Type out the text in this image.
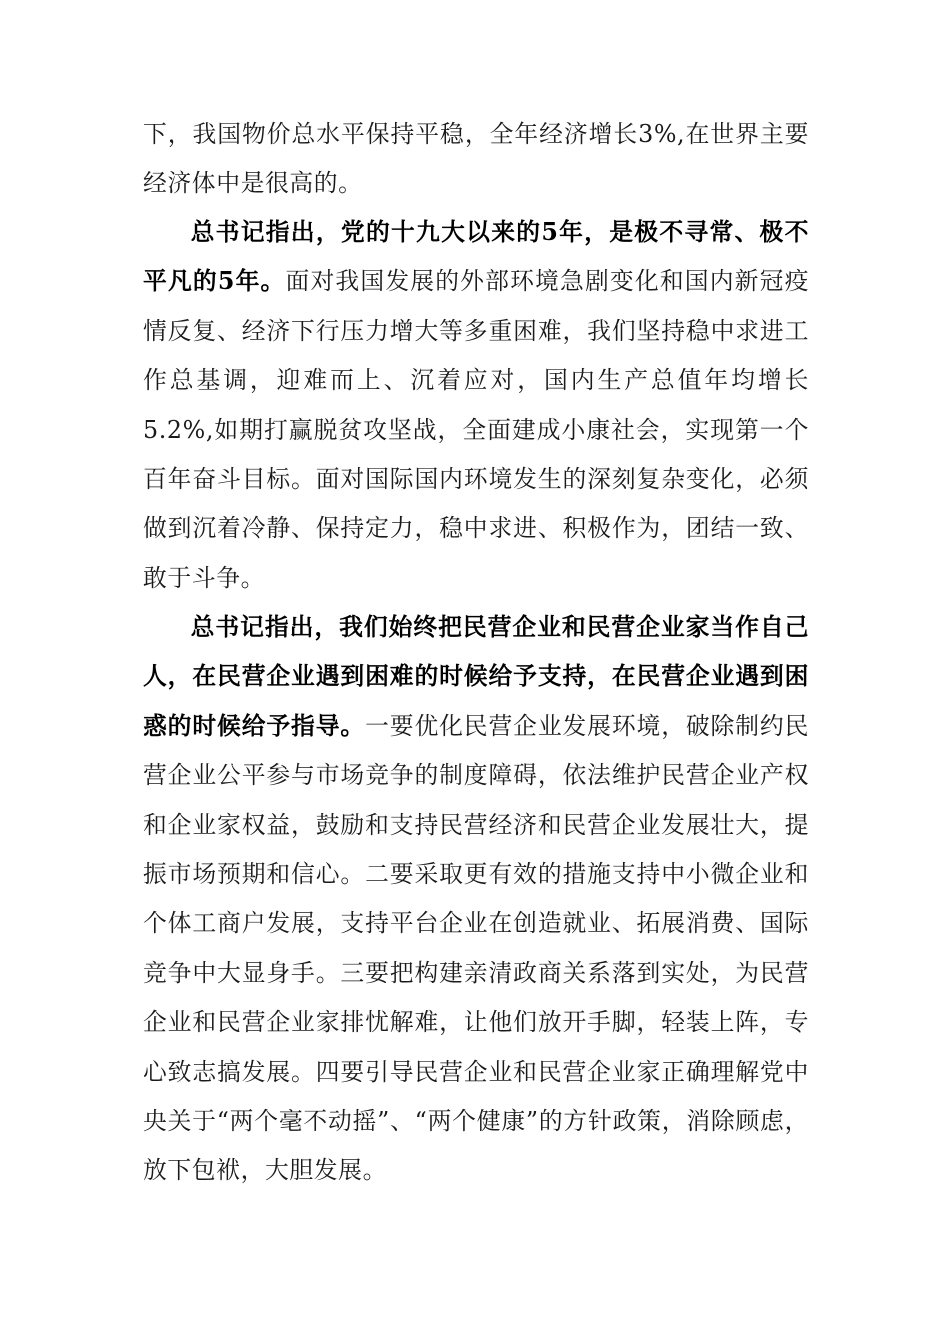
下，我国物价总水平保持平稳，全年经济增长3%,在世界主要经济体中是很高的。

总书记指出，党的十九大以来的5年，是极不寻常、极不平凡的5年。面对我国发展的外部环境急剧变化和国内新冠疫情反复、经济下行压力增大等多重困难，我们坚持稳中求进工作总基调，迎难而上、沉着应对，国内生产总值年均增长5.2%,如期打赢脱贫攻坚战，全面建成小康社会，实现第一个百年奋斗目标。面对国际国内环境发生的深刻复杂变化，必须做到沉着冷静、保持定力，稳中求进、积极作为，团结一致、敢于斗争。

总书记指出，我们始终把民营企业和民营企业家当作自己人，在民营企业遇到困难的时候给予支持，在民营企业遇到困惑的时候给予指导。一要优化民营企业发展环境，破除制约民营企业公平参与市场竞争的制度障碍，依法维护民营企业产权和企业家权益，鼓励和支持民营经济和民营企业发展壮大，提振市场预期和信心。二要采取更有效的措施支持中小微企业和个体工商户发展，支持平台企业在创造就业、拓展消费、国际竞争中大显身手。三要把构建亲清政商关系落到实处，为民营企业和民营企业家排忧解难，让他们放开手脚，轻装上阵，专心致志搞发展。四要引导民营企业和民营企业家正确理解党中央关于“两个毫不动摇”、“两个健康”的方针政策，消除顾虑，放下包袱，大胆发展。
